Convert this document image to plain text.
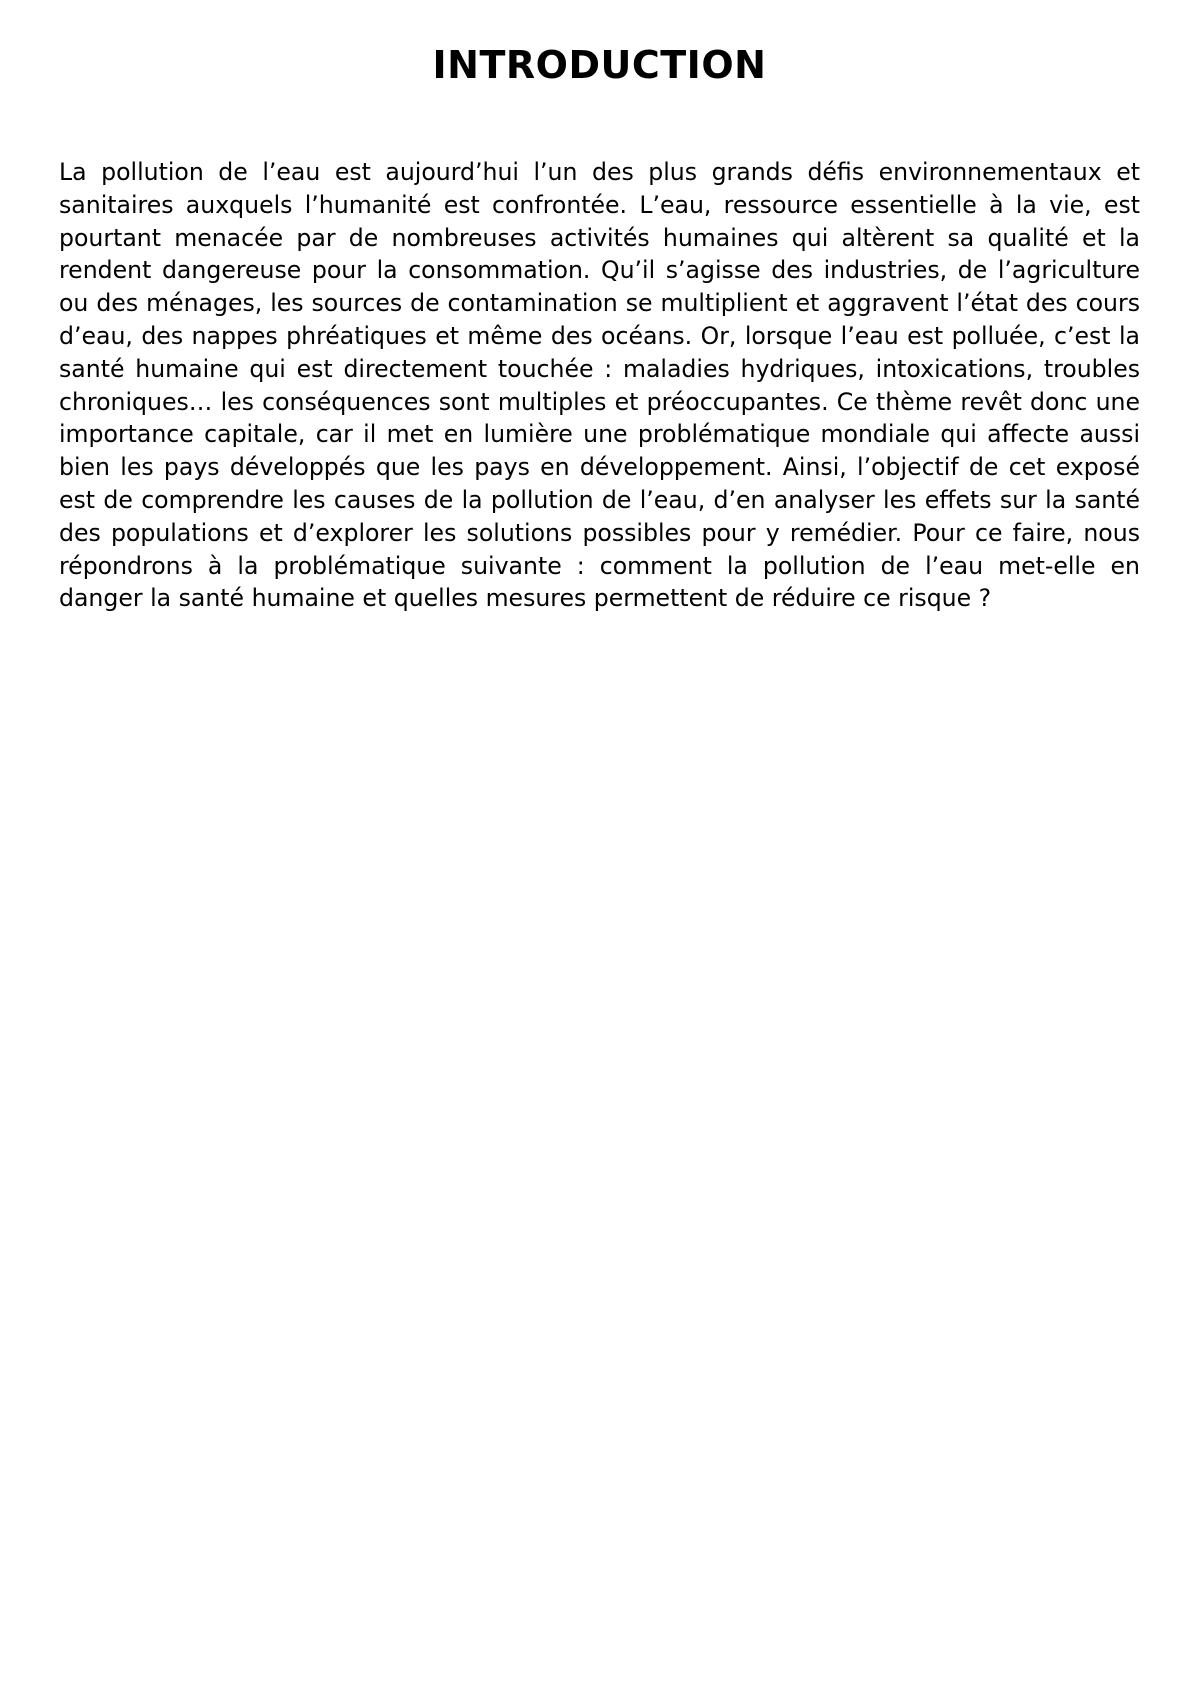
INTRODUCTION

La pollution de l’eau est aujourd’hui l’un des plus grands défis environnementaux et sanitaires auxquels l’humanité est confrontée. L’eau, ressource essentielle à la vie, est pourtant menacée par de nombreuses activités humaines qui altèrent sa qualité et la rendent dangereuse pour la consommation. Qu’il s’agisse des industries, de l’agriculture ou des ménages, les sources de contamination se multiplient et aggravent l’état des cours d’eau, des nappes phréatiques et même des océans. Or, lorsque l’eau est polluée, c’est la santé humaine qui est directement touchée : maladies hydriques, intoxications, troubles chroniques… les conséquences sont multiples et préoccupantes. Ce thème revêt donc une importance capitale, car il met en lumière une problématique mondiale qui affecte aussi bien les pays développés que les pays en développement. Ainsi, l’objectif de cet exposé est de comprendre les causes de la pollution de l’eau, d’en analyser les effets sur la santé des populations et d’explorer les solutions possibles pour y remédier. Pour ce faire, nous répondrons à la problématique suivante : comment la pollution de l’eau met-elle en danger la santé humaine et quelles mesures permettent de réduire ce risque ?
